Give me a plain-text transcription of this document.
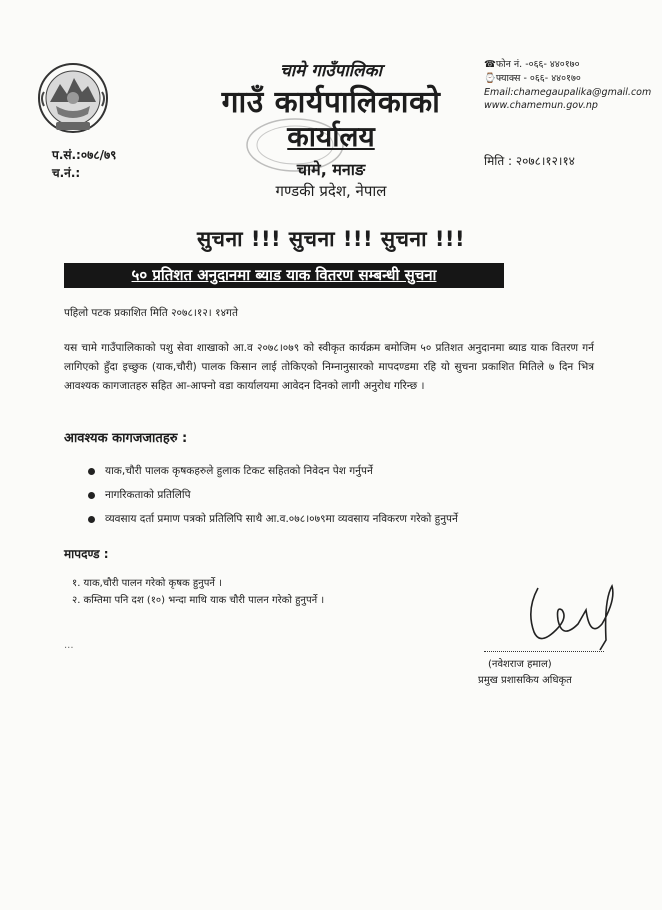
चामे गाउँपालिका
गाउँ कार्यपालिकाको
कार्यालय
चामे, मनाङ
गण्डकी प्रदेश, नेपाल
☎फोन नं. -०६६- ४४०१७०
⌚फ्याक्स - ०६६- ४४०१७०
Email:chamegaupalika@gmail.com
www.chamemun.gov.np
प.सं.:०७८/७९
च.नं.:
मिति : २०७८।१२।१४
सुचना !!! सुचना !!! सुचना !!!
५० प्रतिशत अनुदानमा ब्याड याक वितरण सम्बन्धी सुचना
पहिलो पटक प्रकाशित मिति २०७८।१२। १४गते
यस चामे गाउँपालिकाको पशु सेवा शाखाको आ.व २०७८।०७९ को स्वीकृत कार्यक्रम बमोजिम ५० प्रतिशत अनुदानमा ब्याड याक वितरण गर्न लागिएको हुँदा इच्छुक (याक,चौरी) पालक किसान लाई तोकिएको निम्नानुसारको मापदण्डमा रहि यो सुचना प्रकाशित मितिले ७ दिन भित्र आवश्यक कागजातहरु सहित आ-आफ्नो वडा कार्यालयमा आवेदन दिनको लागी अनुरोध गरिन्छ ।
आवश्यक कागजजातहरु :
याक,चौरी पालक कृषकहरुले हुलाक टिकट सहितको निवेदन पेश गर्नुपर्ने
नागरिकताको प्रतिलिपि
व्यवसाय दर्ता प्रमाण पत्रको प्रतिलिपि साथै आ.व.०७८।०७९मा व्यवसाय नविकरण गरेको हुनुपर्ने
मापदण्ड :
१. याक,चौरी पालन गरेको कृषक हुनुपर्ने ।
२. कम्तिमा पनि दश (१०) भन्दा माथि याक चौरी पालन गरेको हुनुपर्ने ।
...
(नवेशराज हमाल)
प्रमुख प्रशासकिय अधिकृत
